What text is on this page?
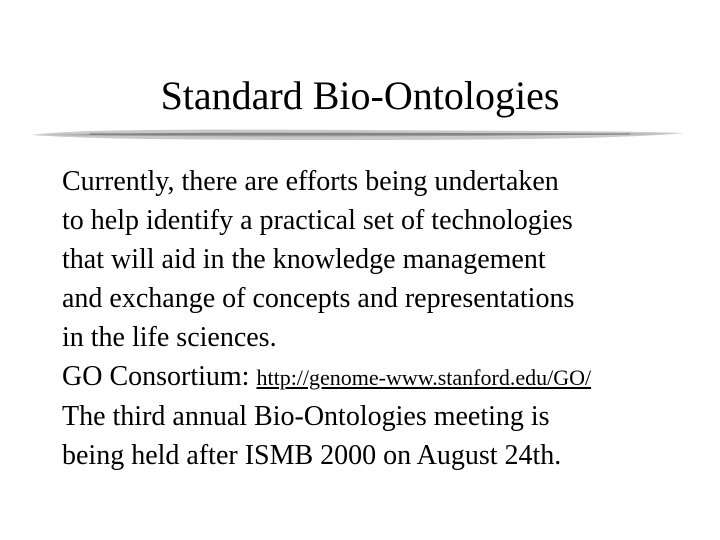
Standard Bio-Ontologies
Currently, there are efforts being undertaken
to help identify a practical set of technologies
that will aid in the knowledge management
and exchange of concepts and representations
in the life sciences.
GO Consortium: http://genome-www.stanford.edu/GO/
The third annual Bio-Ontologies meeting is
being held after ISMB 2000 on August 24th.
